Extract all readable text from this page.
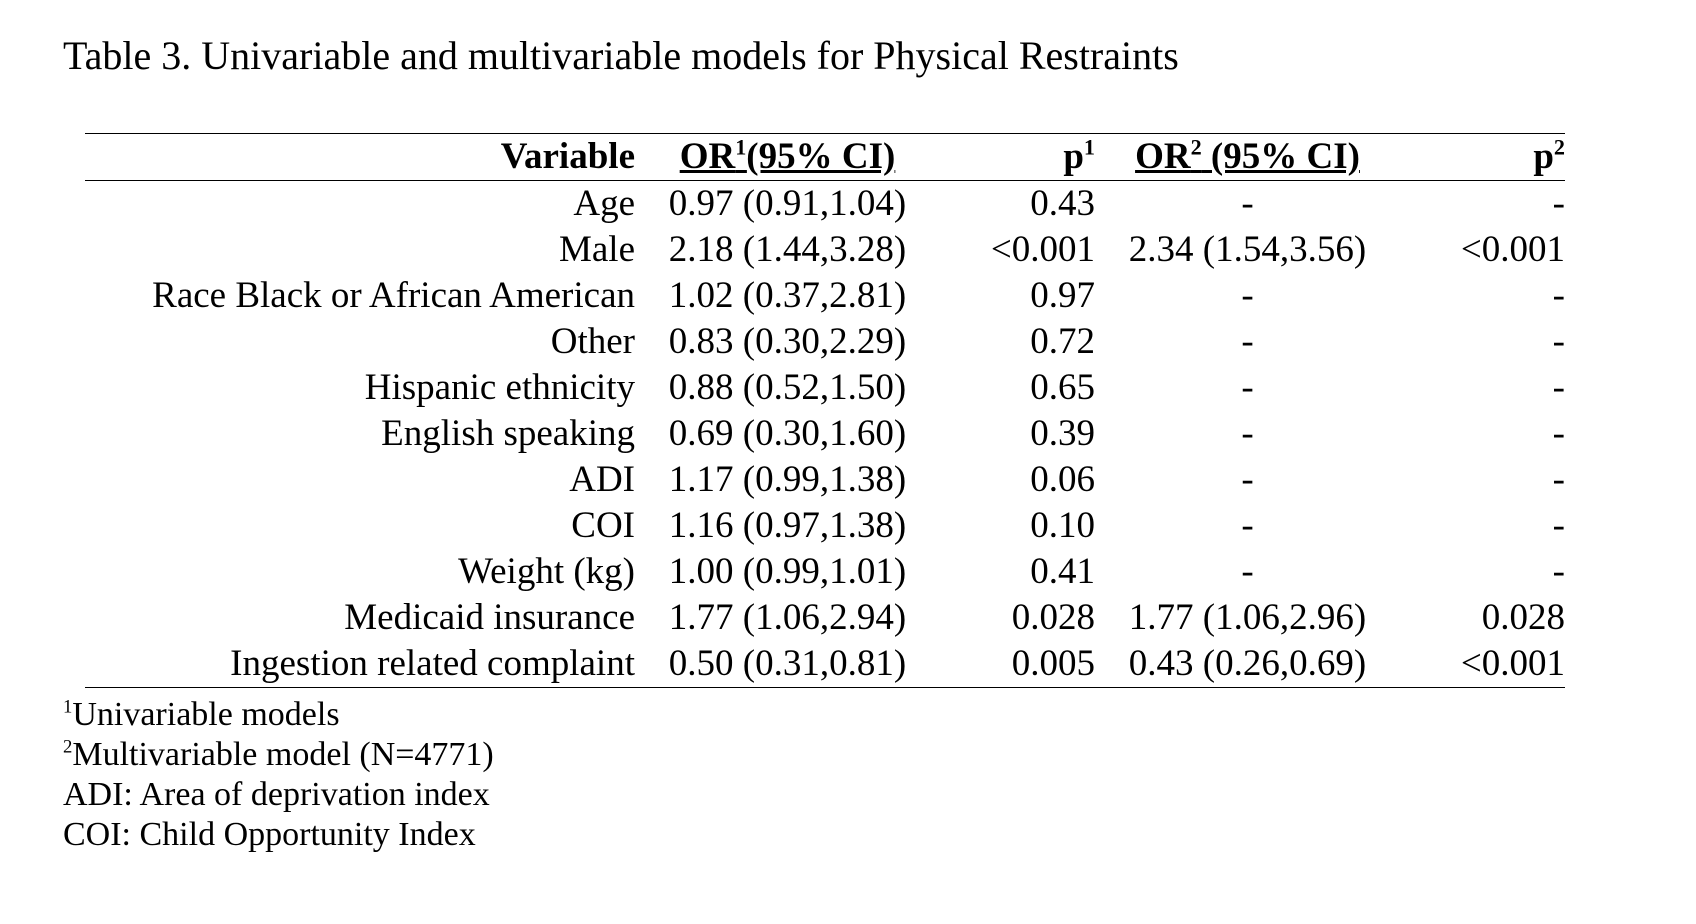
Table 3. Univariable and multivariable models for Physical Restraints
Variable	$OR^1(95\%$ CI)	$p^1$	$OR^2$ (95% CI)	$p^2$
Age	0.97 (0.91,1.04)	0.43	-	-
Male	2.18 (1.44,3.28)	<0.001	2.34 (1.54,3.56)	<0.001
Race Black or African American	1.02 (0.37,2.81)	0.97	-	-
Other	0.83 (0.30,2.29)	0.72	-	-
Hispanic ethnicity	0.88 (0.52,1.50)	0.65	-	-
English speaking	0.69 (0.30,1.60)	0.39	-	-
ADI	1.17 (0.99,1.38)	0.06	-	-
COI	1.16 (0.97,1.38)	0.10	-	-
Weight (kg)	1.00 (0.99,1.01)	0.41	-	-
Medicaid insurance	1.77 (1.06,2.94)	0.028	1.77 (1.06,2.96)	0.028
Ingestion related complaint	0.50 (0.31,0.81)	0.005	0.43 (0.26,0.69)	<0.001
$^1$Univariable models
$^2$Multivariable model (N=4771)
ADI: Area of deprivation index
COI: Child Opportunity Index
